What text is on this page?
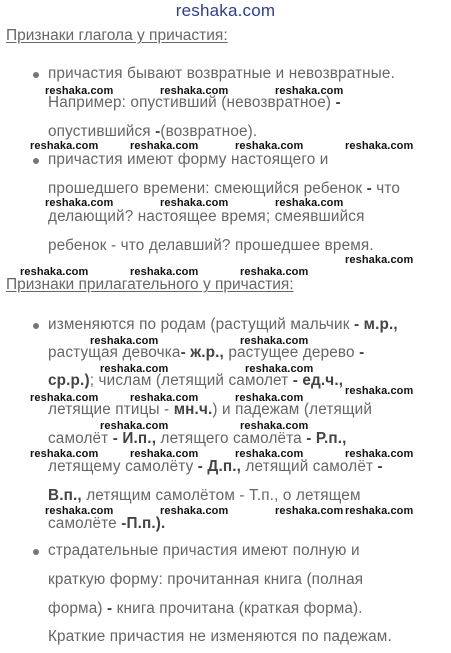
reshaka.com
Признаки глагола у причастия:
Признаки прилагательного у причастия:
причастия бывают возвратные и невозвратные.
Например: опустивший (невозвратное) -
опустившийся -(возвратное).
причастия имеют форму настоящего и
прошедшего времени: смеющийся ребенок - что
делающий? настоящее время; смеявшийся
ребенок - что делавший? прошедшее время.
изменяются по родам (растущий мальчик - м.р.,
растущая девочка- ж.р., растущее дерево -
ср.р.); числам (летящий самолет - ед.ч.,
летящие птицы - мн.ч.) и падежам (летящий
самолёт - И.п., летящего самолёта - Р.п.,
летящему самолёту - Д.п., летящий самолёт -
В.п., летящим самолётом - Т.п., о летящем
самолёте -П.п.).
страдательные причастия имеют полную и
краткую форму: прочитанная книга (полная
форма) - книга прочитана (краткая форма).
Краткие причастия не изменяются по падежам.
reshaka.com	reshaka.com	reshaka.com
reshaka.com	reshaka.com	reshaka.com	reshaka.com
reshaka.com	reshaka.com	reshaka.com
reshaka.com
reshaka.com	reshaka.com	reshaka.com
reshaka.com	reshaka.com
reshaka.com	reshaka.com
reshaka.com	reshaka.com	reshaka.com
reshaka.com
reshaka.com	reshaka.com
reshaka.com	reshaka.com	reshaka.com	reshaka.com
reshaka.com	reshaka.com	reshaka.com reshaka.com
